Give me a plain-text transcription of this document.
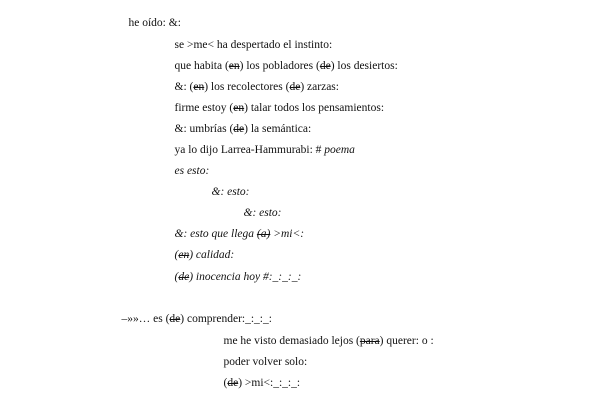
he oído: &:

se >me< ha despertado el instinto:

que habita (en) los pobladores (de) los desiertos:

&: (en) los recolectores (de) zarzas:

firme estoy (en) talar todos los pensamientos:

&: umbrías (de) la semántica:

ya lo dijo Larrea-Hammurabi: # poema

es esto:

&: esto:

&: esto:

&: esto que llega (a) >mi<:

(en) calidad:

(de) inocencia hoy #:_:_:_:

–»»… es (de) comprender:_:_:_:

me he visto demasiado lejos (para) querer: o :

poder volver solo:

(de) >mi<:_:_:_:
